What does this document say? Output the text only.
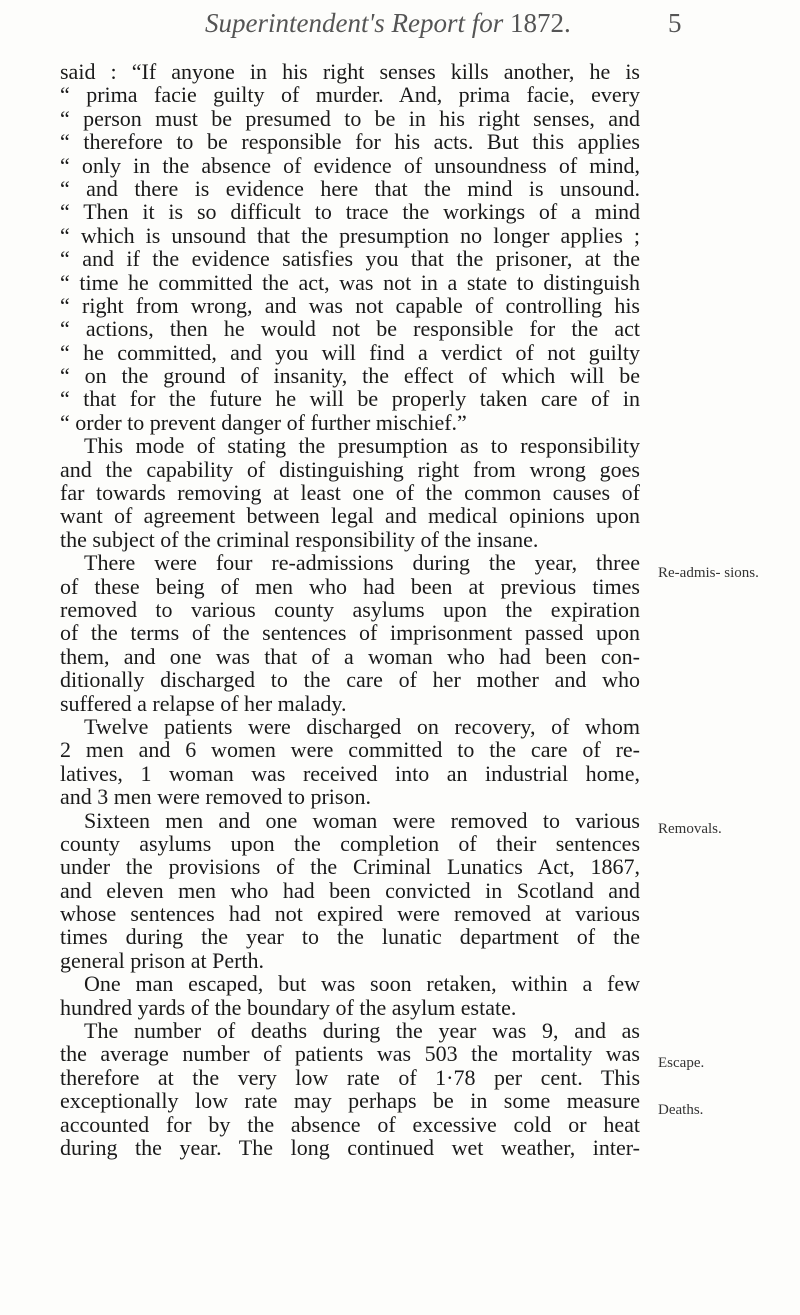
Superintendent's Report for 1872.	5
said : “If anyone in his right senses kills another, he is
“ prima facie guilty of murder. And, prima facie, every
“ person must be presumed to be in his right senses, and
“ therefore to be responsible for his acts. But this applies
“ only in the absence of evidence of unsoundness of mind,
“ and there is evidence here that the mind is unsound.
“ Then it is so difficult to trace the workings of a mind
“ which is unsound that the presumption no longer applies ;
“ and if the evidence satisfies you that the prisoner, at the
“ time he committed the act, was not in a state to distinguish
“ right from wrong, and was not capable of controlling his
“ actions, then he would not be responsible for the act
“ he committed, and you will find a verdict of not guilty
“ on the ground of insanity, the effect of which will be
“ that for the future he will be properly taken care of in
“ order to prevent danger of further mischief.”
This mode of stating the presumption as to responsibility
and the capability of distinguishing right from wrong goes
far towards removing at least one of the common causes of
want of agreement between legal and medical opinions upon
the subject of the criminal responsibility of the insane.
There were four re-admissions during the year, three
of these being of men who had been at previous times
removed to various county asylums upon the expiration
of the terms of the sentences of imprisonment passed upon
them, and one was that of a woman who had been con-
ditionally discharged to the care of her mother and who
suffered a relapse of her malady.
Twelve patients were discharged on recovery, of whom
2 men and 6 women were committed to the care of re-
latives, 1 woman was received into an industrial home,
and 3 men were removed to prison.
Sixteen men and one woman were removed to various
county asylums upon the completion of their sentences
under the provisions of the Criminal Lunatics Act, 1867,
and eleven men who had been convicted in Scotland and
whose sentences had not expired were removed at various
times during the year to the lunatic department of the
general prison at Perth.
One man escaped, but was soon retaken, within a few
hundred yards of the boundary of the asylum estate.
The number of deaths during the year was 9, and as
the average number of patients was 503 the mortality was
therefore at the very low rate of 1·78 per cent. This
exceptionally low rate may perhaps be in some measure
accounted for by the absence of excessive cold or heat
during the year. The long continued wet weather, inter-
Re-admis- sions.
Removals.
Escape.
Deaths.
